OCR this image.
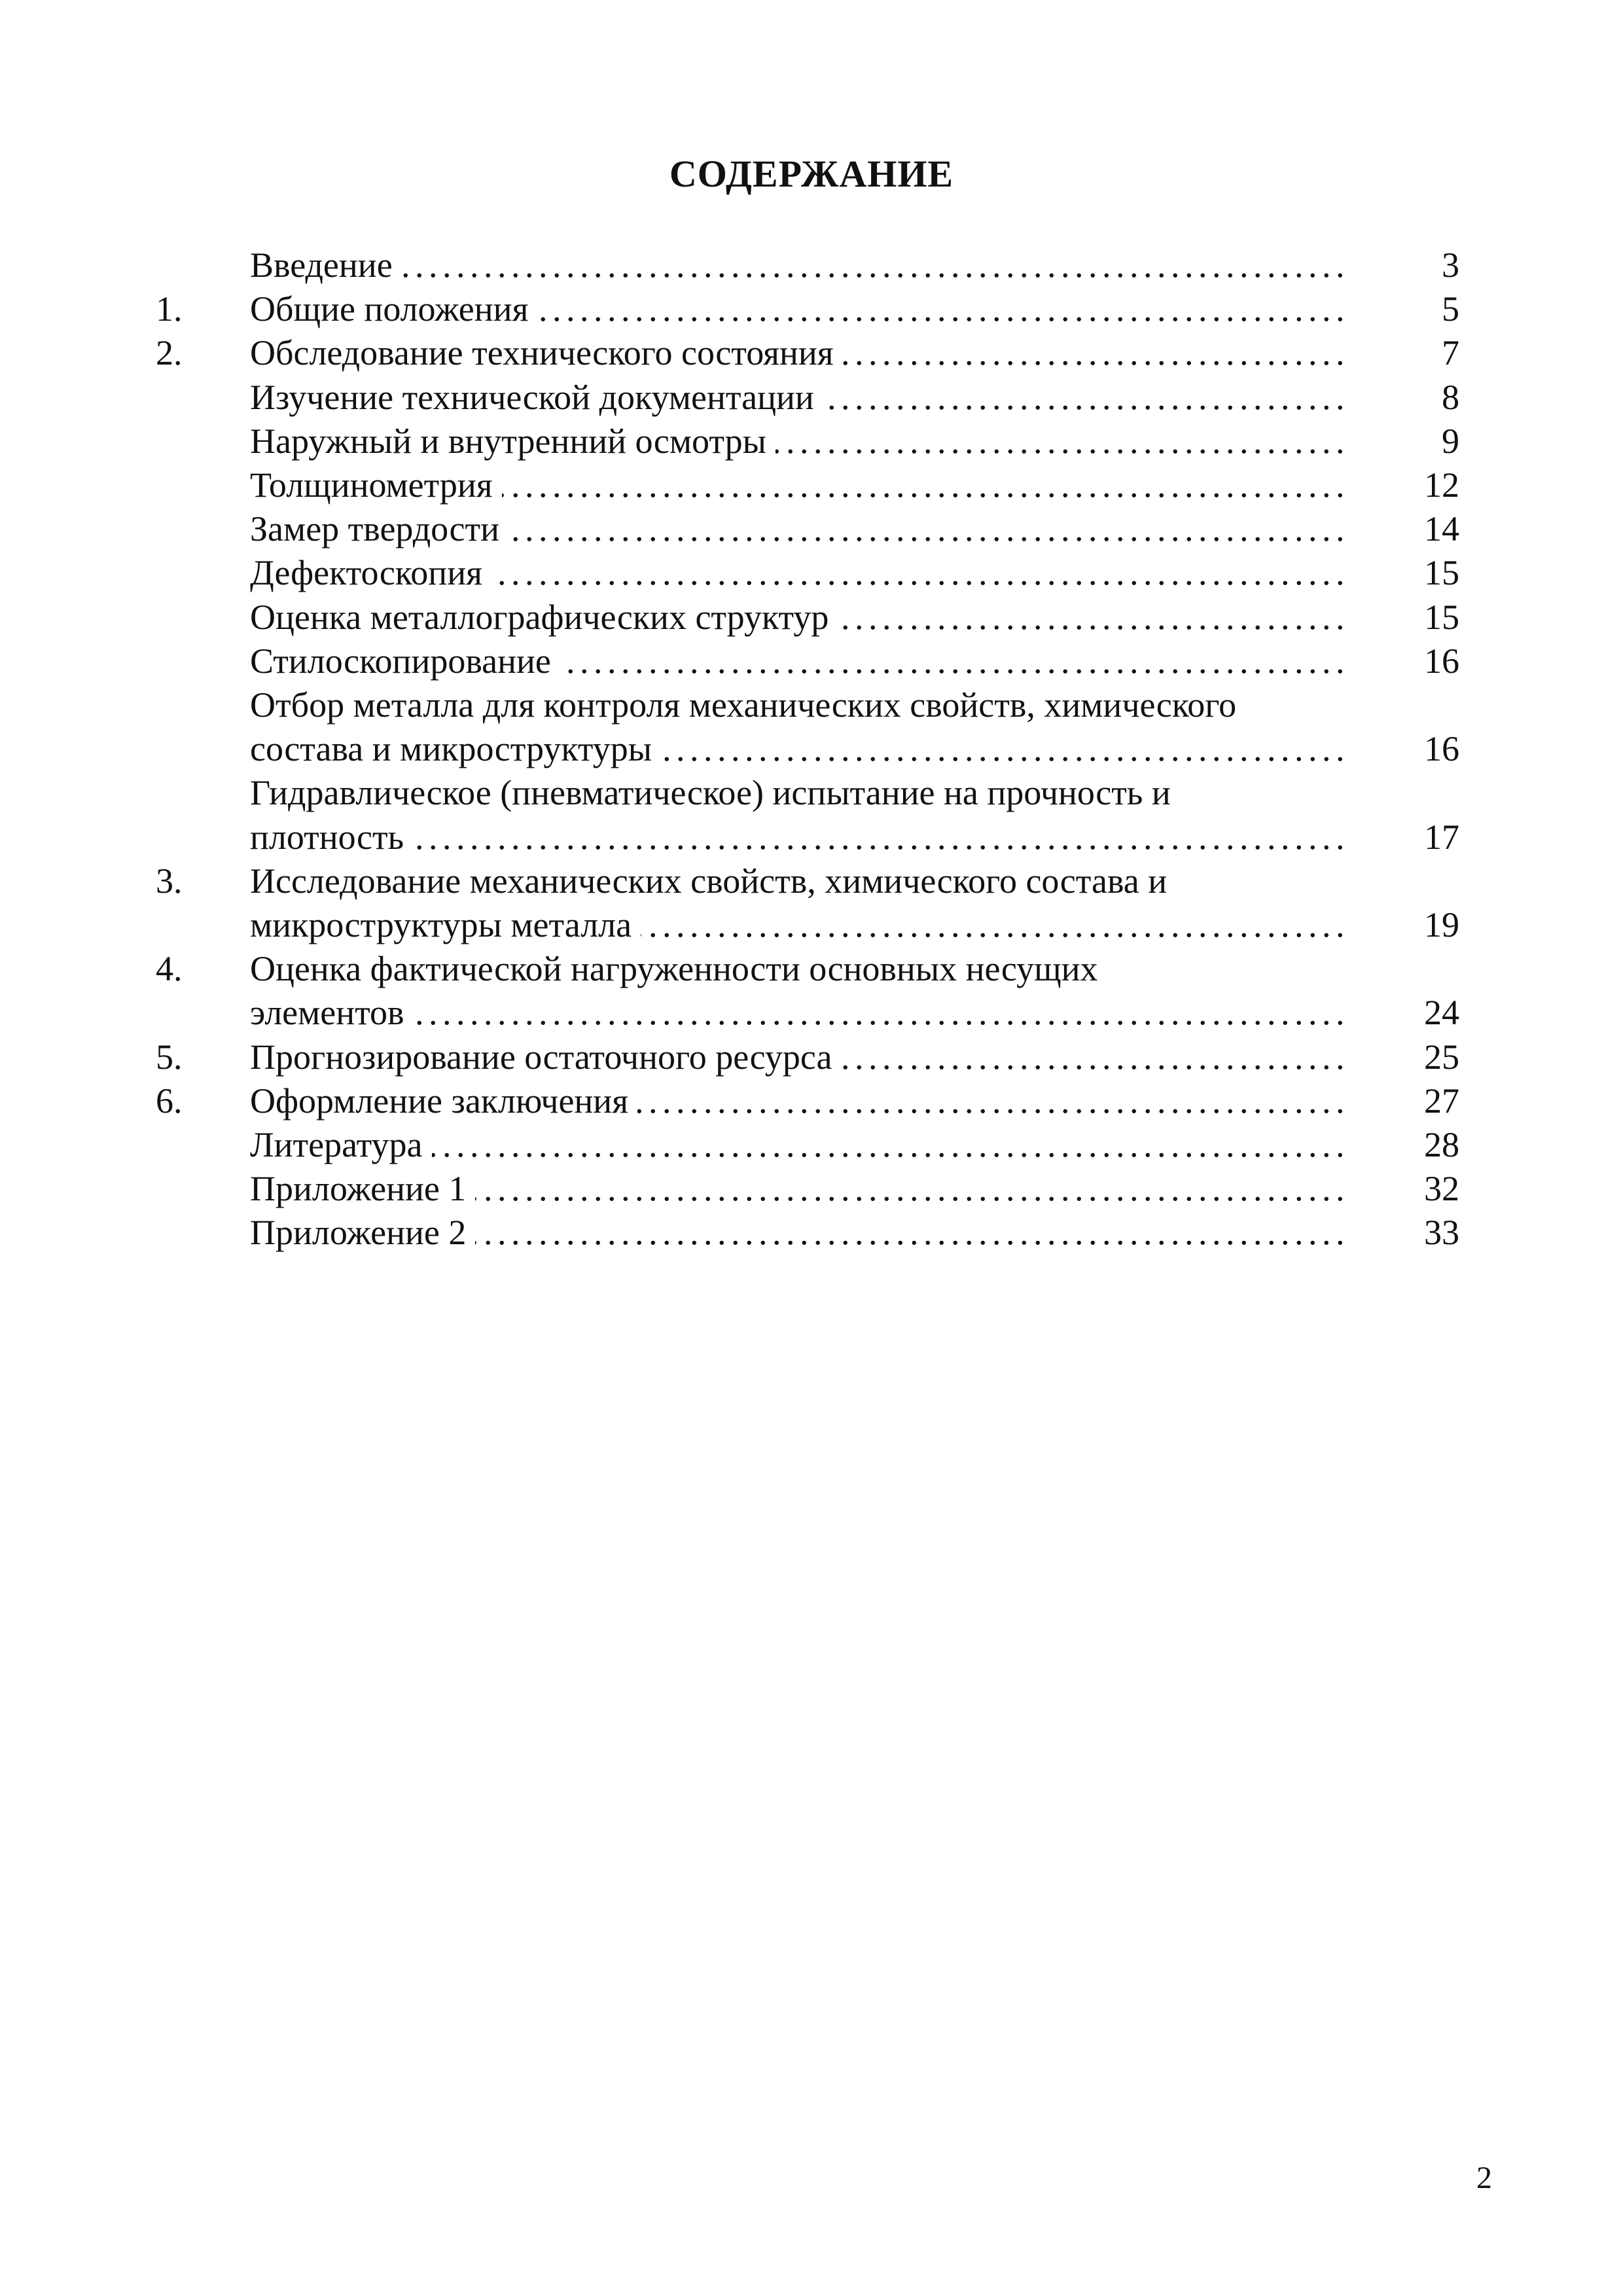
СОДЕРЖАНИЕ
Введение . . .	3
1.	Общие положения . . .	5
2.	Обследование технического состояния . . .	7
Изучение технической документации . . .	8
Наружный и внутренний осмотры . . .	9
Толщинометрия . . .	12
Замер твердости . . .	14
Дефектоскопия . . .	15
Оценка металлографических структур . . .	15
Стилоскопирование . . .	16
Отбор металла для контроля механических свойств, химического
состава и микроструктуры . . .	16
Гидравлическое (пневматическое) испытание на прочность и
плотность . . .	17
3.	Исследование механических свойств, химического состава и
микроструктуры металла . . .	19
4.	Оценка фактической нагруженности основных несущих
элементов . . .	24
5.	Прогнозирование остаточного ресурса . . .	25
6.	Оформление заключения . . .	27
Литература . . .	28
Приложение 1 . . .	32
Приложение 2 . . .	33
2
